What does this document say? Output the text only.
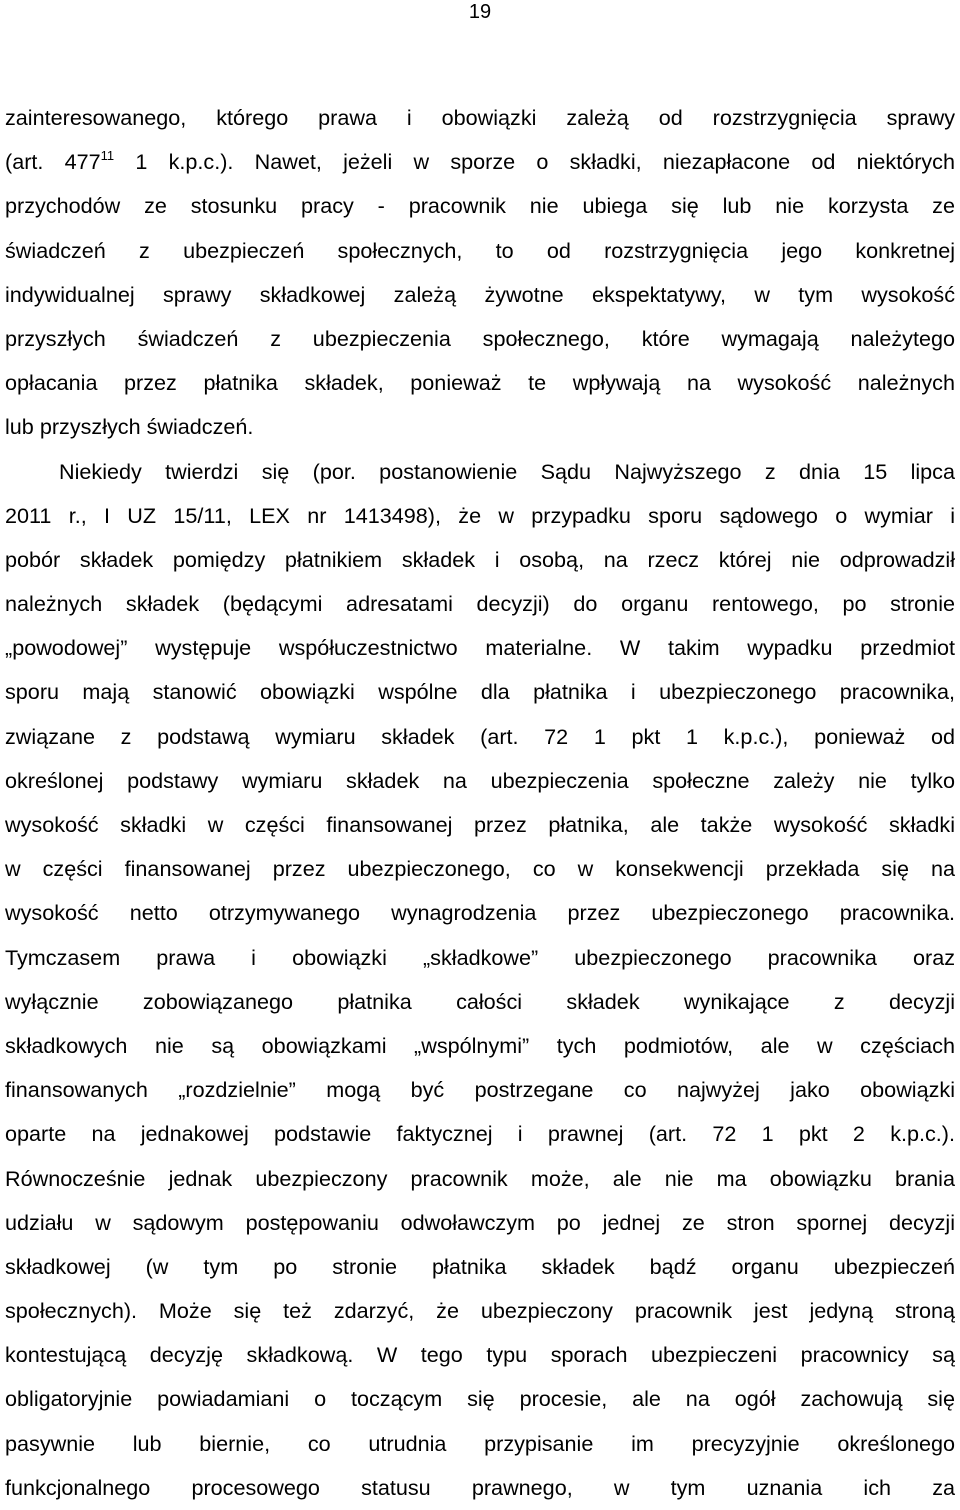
19
zainteresowanego, którego prawa i obowiązki zależą od rozstrzygnięcia sprawy
(art. $477^{11}$ 1 k.p.c.). Nawet, jeżeli w sporze o składki, niezapłacone od niektórych
przychodów ze stosunku pracy - pracownik nie ubiega się lub nie korzysta ze
świadczeń z ubezpieczeń społecznych, to od rozstrzygnięcia jego konkretnej
indywidualnej sprawy składkowej zależą żywotne ekspektatywy, w tym wysokość
przyszłych świadczeń z ubezpieczenia społecznego, które wymagają należytego
opłacania przez płatnika składek, ponieważ te wpływają na wysokość należnych
lub przyszłych świadczeń.
Niekiedy twierdzi się (por. postanowienie Sądu Najwyższego z dnia 15 lipca
2011 r., I UZ 15/11, LEX nr 1413498), że w przypadku sporu sądowego o wymiar i
pobór składek pomiędzy płatnikiem składek i osobą, na rzecz której nie odprowadził
należnych składek (będącymi adresatami decyzji) do organu rentowego, po stronie
„powodowej” występuje współuczestnictwo materialne. W takim wypadku przedmiot
sporu mają stanowić obowiązki wspólne dla płatnika i ubezpieczonego pracownika,
związane z podstawą wymiaru składek (art. 72 1 pkt 1 k.p.c.), ponieważ od
określonej podstawy wymiaru składek na ubezpieczenia społeczne zależy nie tylko
wysokość składki w części finansowanej przez płatnika, ale także wysokość składki
w części finansowanej przez ubezpieczonego, co w konsekwencji przekłada się na
wysokość netto otrzymywanego wynagrodzenia przez ubezpieczonego pracownika.
Tymczasem prawa i obowiązki „składkowe” ubezpieczonego pracownika oraz
wyłącznie zobowiązanego płatnika całości składek wynikające z decyzji
składkowych nie są obowiązkami „wspólnymi” tych podmiotów, ale w częściach
finansowanych „rozdzielnie” mogą być postrzegane co najwyżej jako obowiązki
oparte na jednakowej podstawie faktycznej i prawnej (art. 72 1 pkt 2 k.p.c.).
Równocześnie jednak ubezpieczony pracownik może, ale nie ma obowiązku brania
udziału w sądowym postępowaniu odwoławczym po jednej ze stron spornej decyzji
składkowej (w tym po stronie płatnika składek bądź organu ubezpieczeń
społecznych). Może się też zdarzyć, że ubezpieczony pracownik jest jedyną stroną
kontestującą decyzję składkową. W tego typu sporach ubezpieczeni pracownicy są
obligatoryjnie powiadamiani o toczącym się procesie, ale na ogół zachowują się
pasywnie lub biernie, co utrudnia przypisanie im precyzyjnie określonego
funkcjonalnego procesowego statusu prawnego, w tym uznania ich za
